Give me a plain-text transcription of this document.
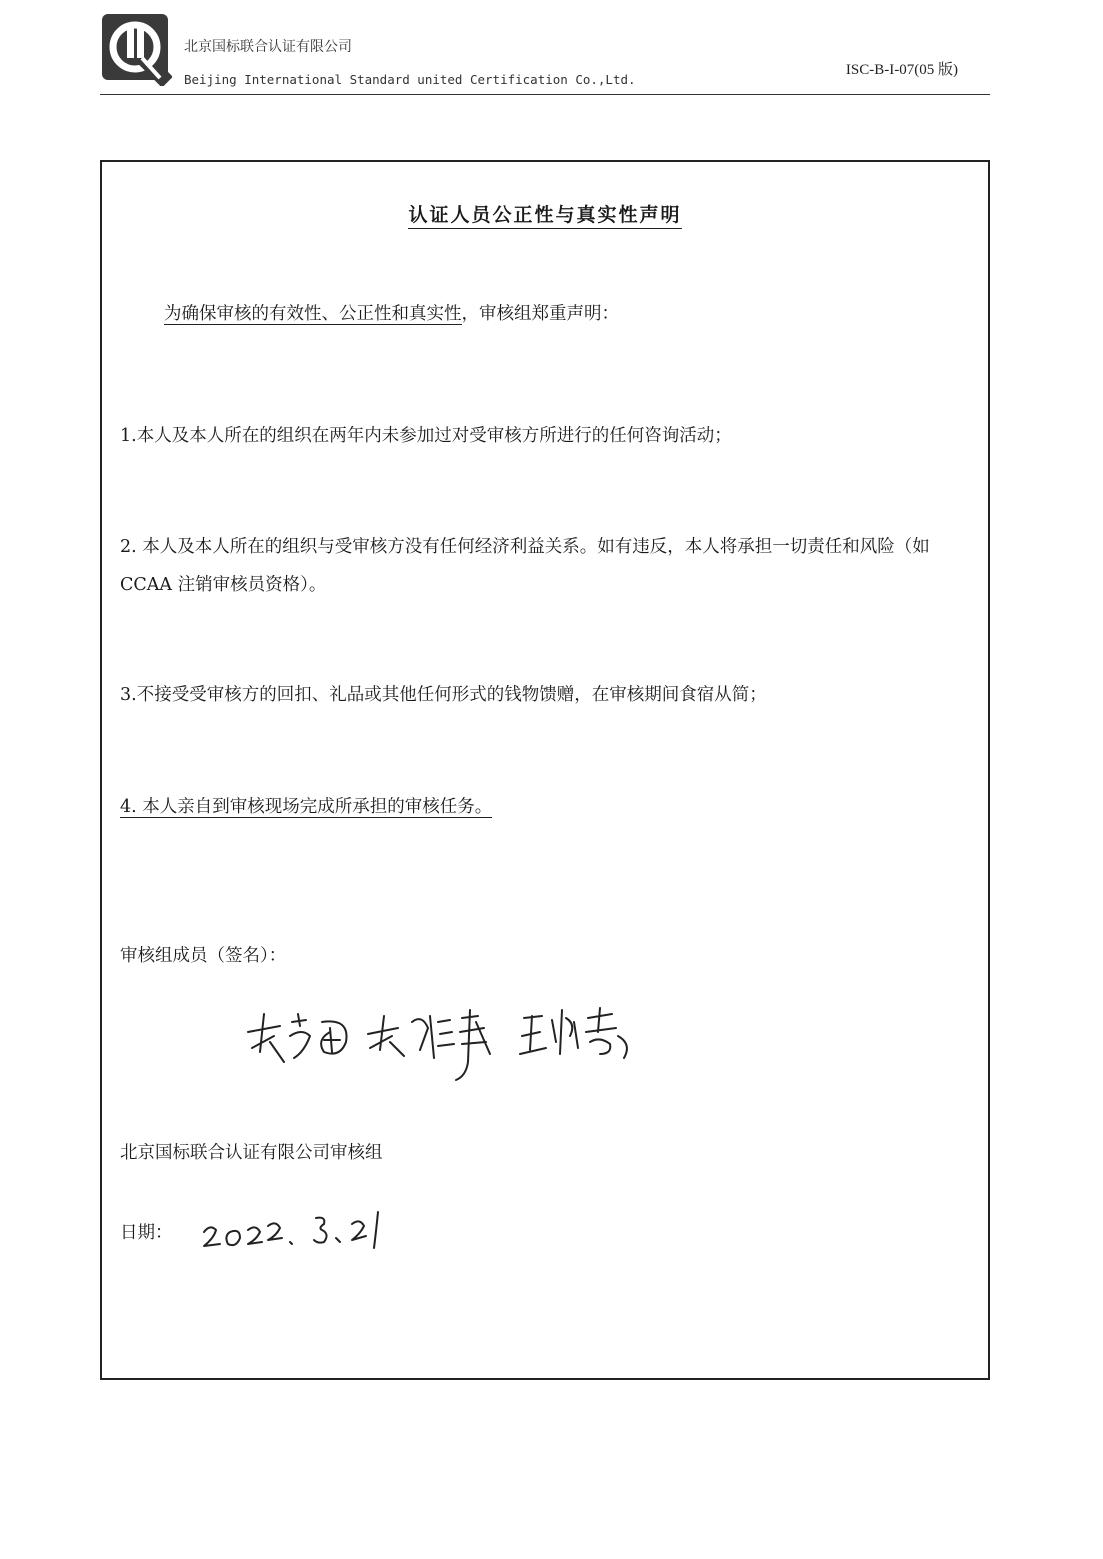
北京国标联合认证有限公司
Beijing International Standard united Certification Co.,Ltd.
ISC-B-I-07(05 版)
认证人员公正性与真实性声明
为确保审核的有效性、公正性和真实性，审核组郑重声明：
1.本人及本人所在的组织在两年内未参加过对受审核方所进行的任何咨询活动；
2. 本人及本人所在的组织与受审核方没有任何经济利益关系。如有违反，本人将承担一切责任和风险（如 CCAA 注销审核员资格）。
3.不接受受审核方的回扣、礼品或其他任何形式的钱物馈赠，在审核期间食宿从简；
4. 本人亲自到审核现场完成所承担的审核任务。
审核组成员（签名）：
北京国标联合认证有限公司审核组
日期：
